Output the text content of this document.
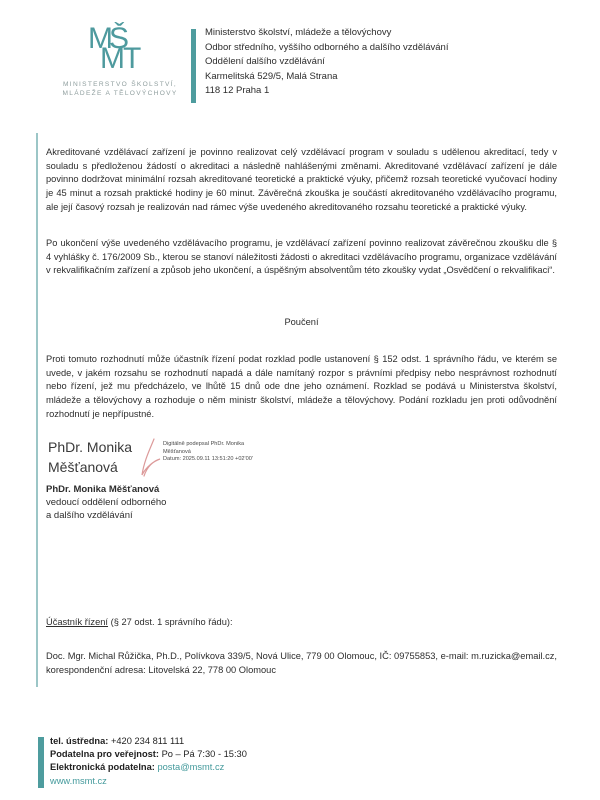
MŠ
MT
MINISTERSTVO ŠKOLSTVÍ,
MLÁDEŽE A TĚLOVÝCHOVY
Ministerstvo školství, mládeže a tělovýchovy
Odbor středního, vyššího odborného a dalšího vzdělávání
Oddělení dalšího vzdělávání
Karmelitská 529/5, Malá Strana
118 12 Praha 1

Akreditované vzdělávací zařízení je povinno realizovat celý vzdělávací program v souladu s udělenou akreditací, tedy v souladu s předloženou žádostí o akreditaci a následně nahlášenými změnami. Akreditované vzdělávací zařízení je dále povinno dodržovat minimální rozsah akreditované teoretické a praktické výuky, přičemž rozsah teoretické vyučovací hodiny je 45 minut a rozsah praktické hodiny je 60 minut. Závěrečná zkouška je součástí akreditovaného vzdělávacího programu, ale její časový rozsah je realizován nad rámec výše uvedeného akreditovaného rozsahu teoretické a praktické výuky.

Po ukončení výše uvedeného vzdělávacího programu, je vzdělávací zařízení povinno realizovat závěrečnou zkoušku dle § 4 vyhlášky č. 176/2009 Sb., kterou se stanoví náležitosti žádosti o akreditaci vzdělávacího programu, organizace vzdělávání v rekvalifikačním zařízení a způsob jeho ukončení, a úspěšným absolventům této zkoušky vydat „Osvědčení o rekvalifikaci“.

Poučení

Proti tomuto rozhodnutí může účastník řízení podat rozklad podle ustanovení § 152 odst. 1 správního řádu, ve kterém se uvede, v jakém rozsahu se rozhodnutí napadá a dále namítaný rozpor s právními předpisy nebo nesprávnost rozhodnutí nebo řízení, jež mu předcházelo, ve lhůtě 15 dnů ode dne jeho oznámení. Rozklad se podává u Ministerstva školství, mládeže a tělovýchovy a rozhoduje o něm ministr školství, mládeže a tělovýchovy. Podání rozkladu jen proti odůvodnění rozhodnutí je nepřípustné.

PhDr. Monika
Měšťanová
Digitálně podepsal PhDr. Monika
Měšťanová
Datum: 2025.09.11 13:51:20 +02'00'
PhDr. Monika Měšťanová
vedoucí oddělení odborného
a dalšího vzdělávání
Účastník řízení (§ 27 odst. 1 správního řádu):

Doc. Mgr. Michal Růžička, Ph.D., Polívkova 339/5, Nová Ulice, 779 00 Olomouc, IČ: 09755853, e-mail: m.ruzicka@email.cz, korespondenční adresa: Litovelská 22, 778 00 Olomouc

tel. ústředna: +420 234 811 111
Podatelna pro veřejnost: Po – Pá 7:30 - 15:30
Elektronická podatelna: posta@msmt.cz
www.msmt.cz
